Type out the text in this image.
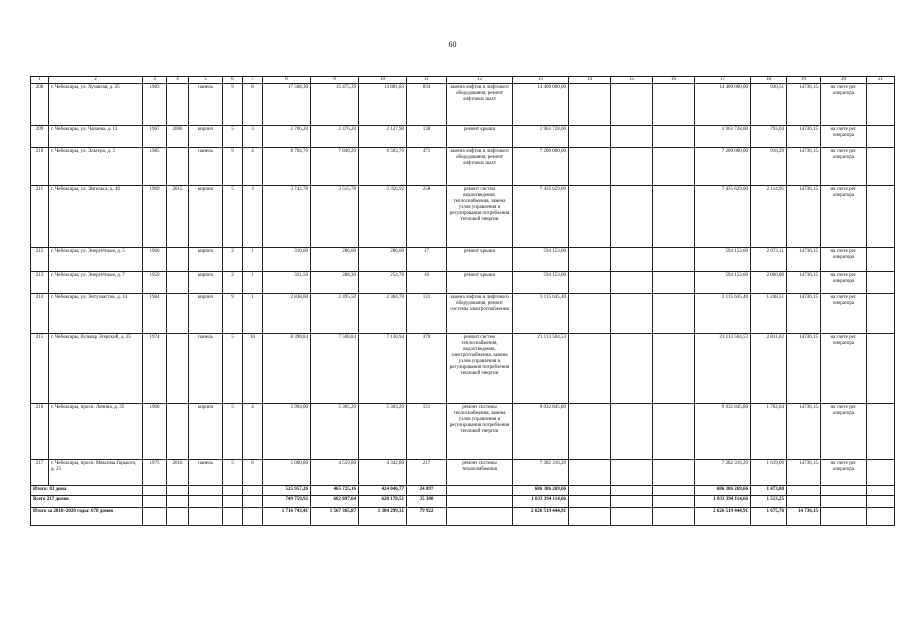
60
1	2	3	4	5	6	7	8	9	10	11	12	13	14	15	16	17	18	19	20	21
208	г. Чебоксары, ул. Хузангая, д. 25	1983		панель	9	8	17 508,30	15 475,39	14 881,83	834	замена лифтов и лифтового оборудования, ремонт лифтовых шахт	14 400 000,00				14 400 000,00	930,51	14736,15	на счете рег. оператора	
209	г. Чебоксары, ул. Чапаева, д. 12	1967	2006	кирпич	5	3	2 706,20	2 476,20	2 127,90	138	ремонт крыши	1 963 728,00				1 963 728,00	793,04	14736,15	на счете рег. оператора	
210	г. Чебоксары, ул. Эльгера, д. 3	1985		панель	9	4	8 704,70	7 840,20	6 503,70	471	замена лифтов и лифтового оборудования, ремонт лифтовых шахт	7 200 000,00				7 200 000,00	918,29	14736,15	на счете рег. оператора	
211	г. Чебоксары, ул. Энгельса, д. 40	1969	2015	кирпич	5	3	3 742,78	3 515,78	3 356,92	258	ремонт систем водоотведения, теплоснабжения, замена узлов управления и регулирования потребления тепловой энергии	7 435 629,00				7 435 629,00	2 114,95	14736,15	на счете рег. оператора	
212	г. Чебоксары, ул. Энергетиков, д. 5	1960		кирпич	2	1	310,60	286,60	286,60	17	ремонт крыши	594 153,60				594 153,60	2 073,11	14736,15	на счете рег. оператора	
213	г. Чебоксары, ул. Энергетиков, д. 7	1959		кирпич	2	1	321,50	288,30	254,70	16	ремонт крыши	594 153,60				594 153,60	2 060,80	14736,15	на счете рег. оператора	
214	г. Чебоксары, ул. Энтузиастов, д. 14	1984		кирпич	9	1	2 838,60	2 495,50	2 384,70	131	замена лифтов и лифтового оборудования, ремонт системы электроснабжения	3 115 645,40				3 115 645,40	1 248,51	14736,15	на счете рег. оператора	
215	г. Чебоксары, бульвар Эгерский, д. 25	1974		панель	5	10	8 398,84	7 508,84	7 130,94	370	ремонт систем теплоснабжения, водоотведения, электроснабжения, замена узлов управления и регулирования потребления тепловой энергии	21 113 504,53				21 113 504,53	2 811,82	14736,15	на счете рег. оператора	
216	г. Чебоксары, просп. Ленина, д. 35	1960		кирпич	5	4	5 994,00	5 305,20	5 303,20	151	ремонт системы теплоснабжения, замена узлов управления и регулирования потребления тепловой энергии	9 032 845,80				9 032 845,80	1 702,64	14736,15	на счете рег. оператора	
217	г. Чебоксары, просп. Максима Горького, д. 25	1975	2016	панель	5	6	5 060,80	4 559,80	4 342,80	217	ремонт системы теплоснабжения	7 382 316,20				7 382 316,20	1 619,06	14736,15	на счете рег. оператора	
Итого: 83 дома							525 957,26	465 725,16	424 046,77	24 897		686 386 269,66				686 386 269,66	1 473,80			
Всего 217 домов							749 759,92	682 897,64	620 178,51	35 380		1 033 394 114,66				1 033 394 114,66	1 513,25			
Итого за 2018–2020 годы: 678 домов							1 716 743,41	1 567 365,87	1 384 299,31	79 922		2 626 519 444,91				2 626 519 444,91	1 675,76	14 736,15		
